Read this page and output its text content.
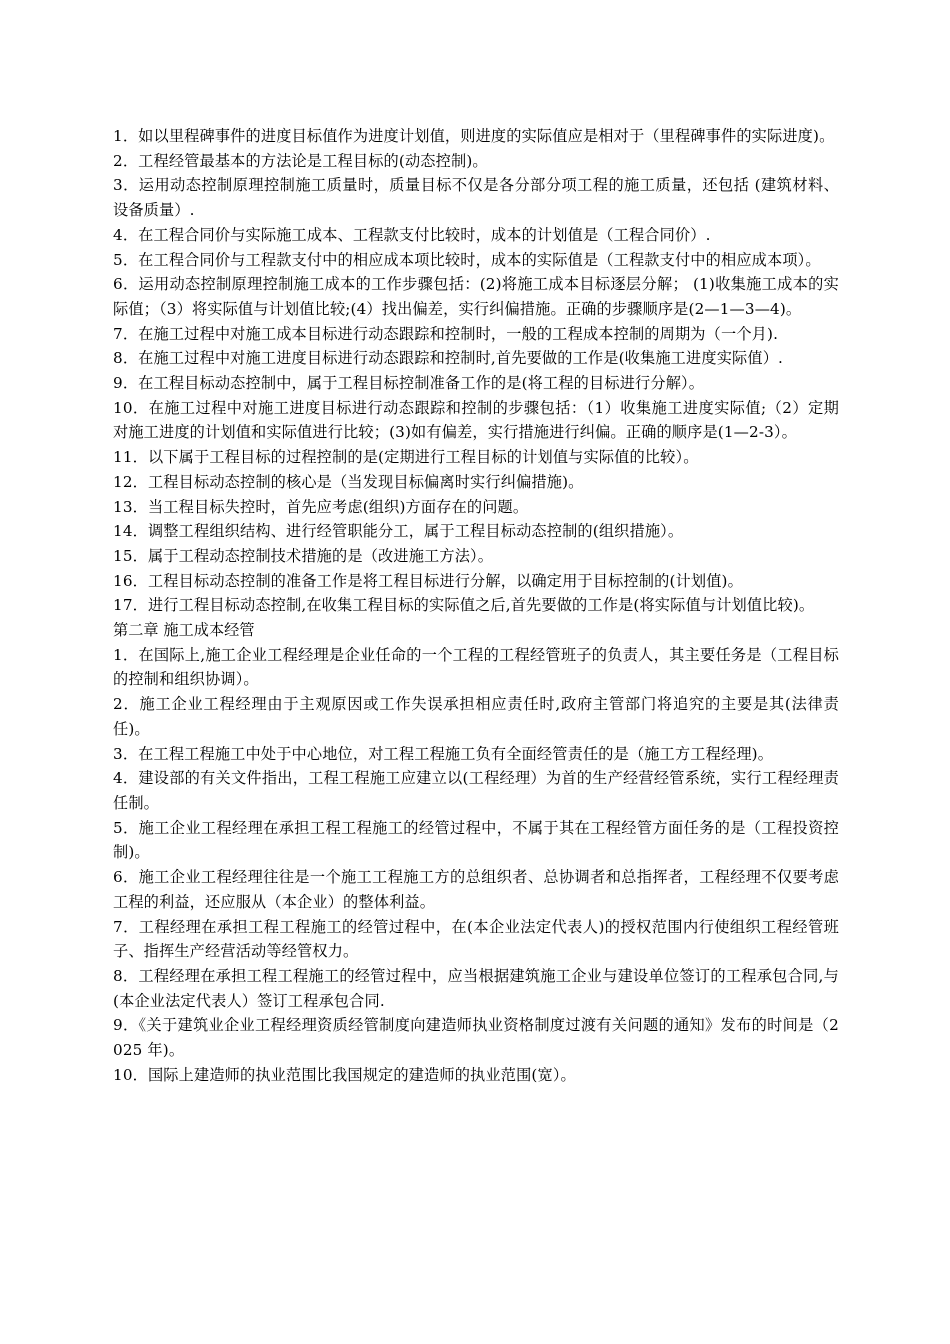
1．如以里程碑事件的进度目标值作为进度计划值，则进度的实际值应是相对于（里程碑事件的实际进度)。

2．工程经管最基本的方法论是工程目标的(动态控制)。

3．运用动态控制原理控制施工质量时，质量目标不仅是各分部分项工程的施工质量，还包括 (建筑材料、设备质量）.

4．在工程合同价与实际施工成本、工程款支付比较时，成本的计划值是（工程合同价）.

5．在工程合同价与工程款支付中的相应成本项比较时，成本的实际值是（工程款支付中的相应成本项）。

6．运用动态控制原理控制施工成本的工作步骤包括：(2)将施工成本目标逐层分解； (1)收集施工成本的实际值；（3）将实际值与计划值比较;(4）找出偏差，实行纠偏措施。正确的步骤顺序是(2—1—3—4)。

7．在施工过程中对施工成本目标进行动态跟踪和控制时，一般的工程成本控制的周期为（一个月).

8．在施工过程中对施工进度目标进行动态跟踪和控制时,首先要做的工作是(收集施工进度实际值）.

9．在工程目标动态控制中，属于工程目标控制准备工作的是(将工程的目标进行分解）。

10．在施工过程中对施工进度目标进行动态跟踪和控制的步骤包括：（1）收集施工进度实际值;（2）定期对施工进度的计划值和实际值进行比较；(3)如有偏差，实行措施进行纠偏。正确的顺序是(1—2-3）。

11．以下属于工程目标的过程控制的是(定期进行工程目标的计划值与实际值的比较）。

12．工程目标动态控制的核心是（当发现目标偏离时实行纠偏措施)。

13．当工程目标失控时，首先应考虑(组织)方面存在的问题。

14．调整工程组织结构、进行经管职能分工，属于工程目标动态控制的(组织措施）。

15．属于工程动态控制技术措施的是（改进施工方法）。

16．工程目标动态控制的准备工作是将工程目标进行分解，以确定用于目标控制的(计划值)。

17．进行工程目标动态控制,在收集工程目标的实际值之后,首先要做的工作是(将实际值与计划值比较)。

第二章 施工成本经管

1．在国际上,施工企业工程经理是企业任命的一个工程的工程经管班子的负责人，其主要任务是（工程目标的控制和组织协调）。

2．施工企业工程经理由于主观原因或工作失误承担相应责任时,政府主管部门将追究的主要是其(法律责任)。

3．在工程工程施工中处于中心地位，对工程工程施工负有全面经管责任的是（施工方工程经理)。

4．建设部的有关文件指出，工程工程施工应建立以(工程经理）为首的生产经营经管系统，实行工程经理责任制。

5．施工企业工程经理在承担工程工程施工的经管过程中，不属于其在工程经管方面任务的是（工程投资控制)。

6．施工企业工程经理往往是一个施工工程施工方的总组织者、总协调者和总指挥者，工程经理不仅要考虑工程的利益，还应服从（本企业）的整体利益。

7．工程经理在承担工程工程施工的经管过程中，在(本企业法定代表人)的授权范围内行使组织工程经管班子、指挥生产经营活动等经管权力。

8．工程经理在承担工程工程施工的经管过程中，应当根据建筑施工企业与建设单位签订的工程承包合同,与(本企业法定代表人）签订工程承包合同.

9．《关于建筑业企业工程经理资质经管制度向建造师执业资格制度过渡有关问题的通知》发布的时间是（2025 年)。

10．国际上建造师的执业范围比我国规定的建造师的执业范围(宽）。
